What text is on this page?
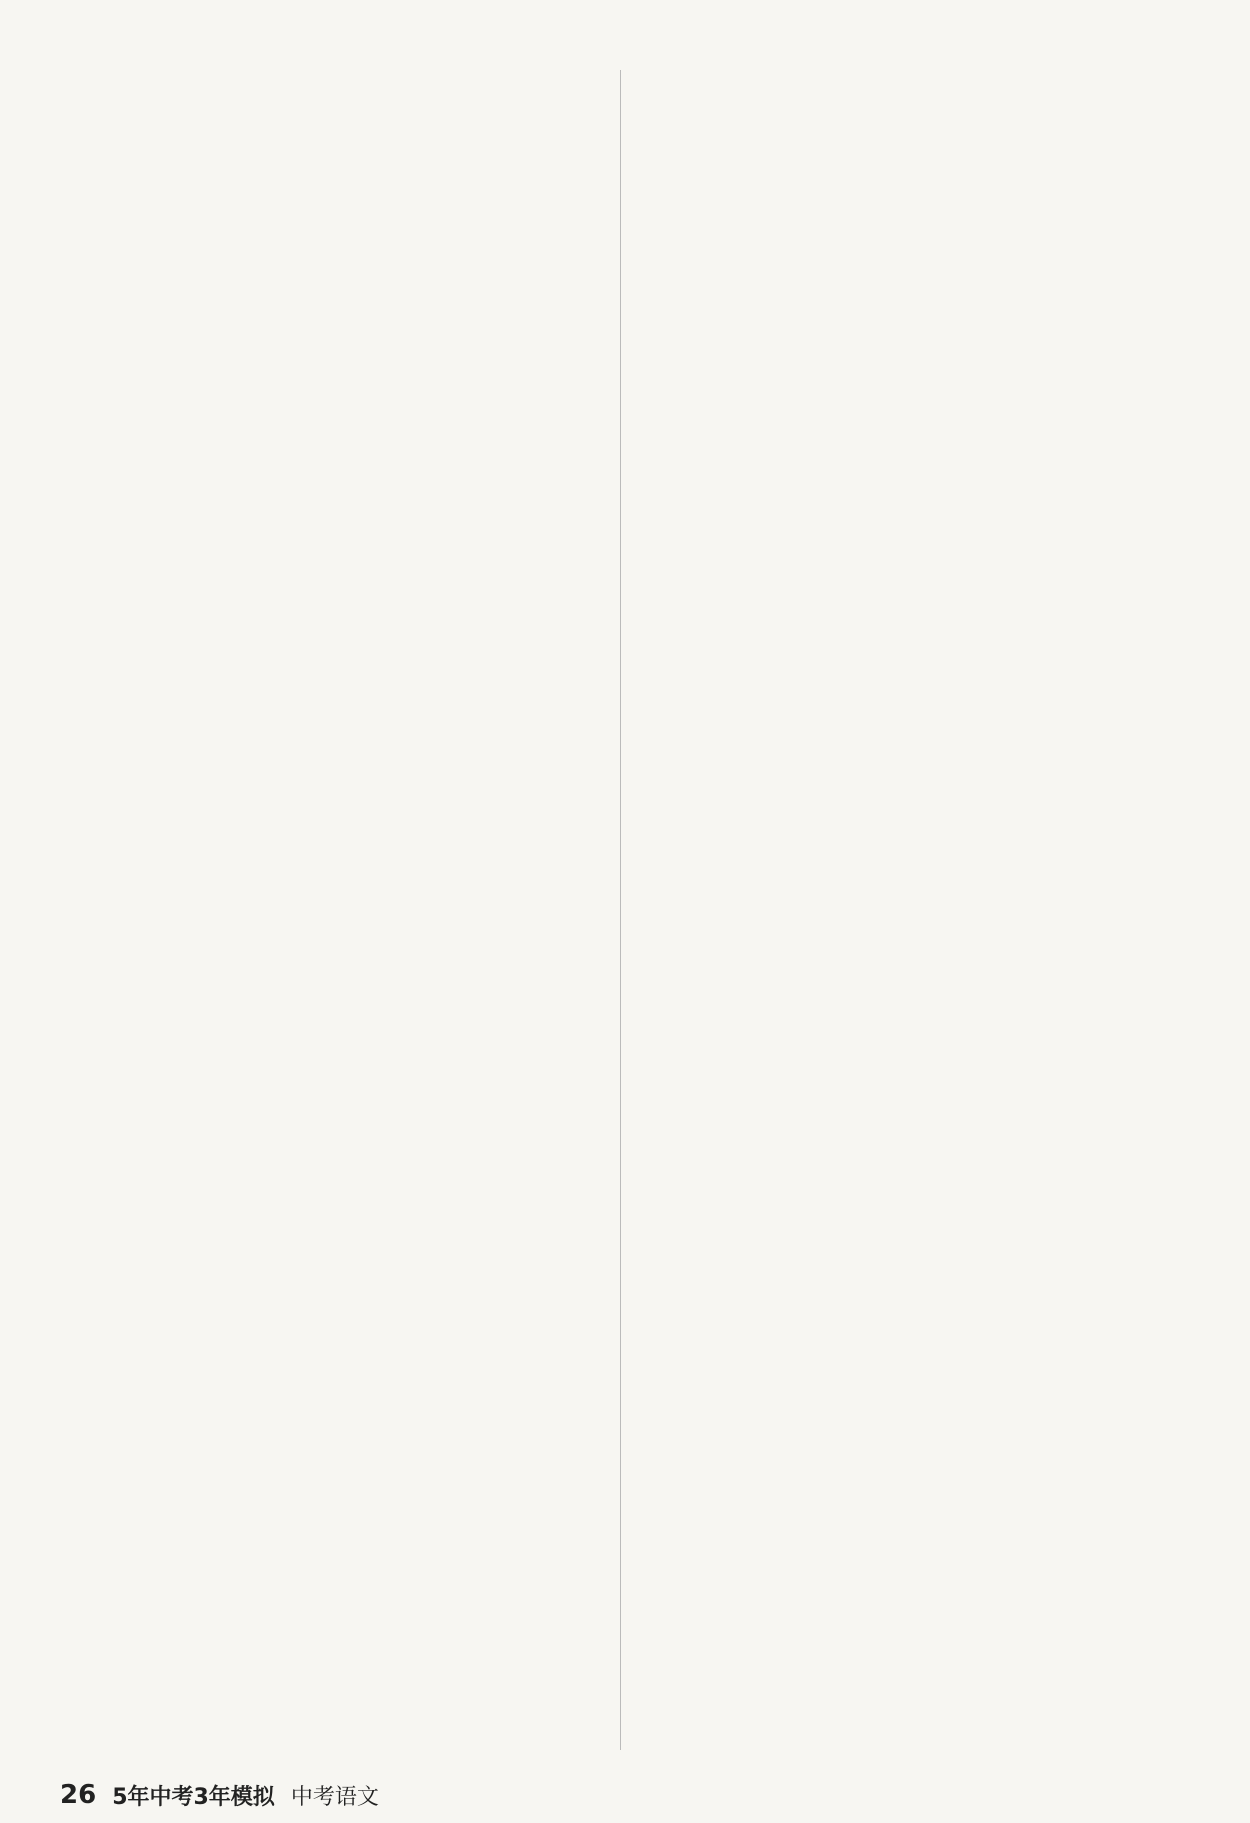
26 5年中考3年模拟 中考语文
